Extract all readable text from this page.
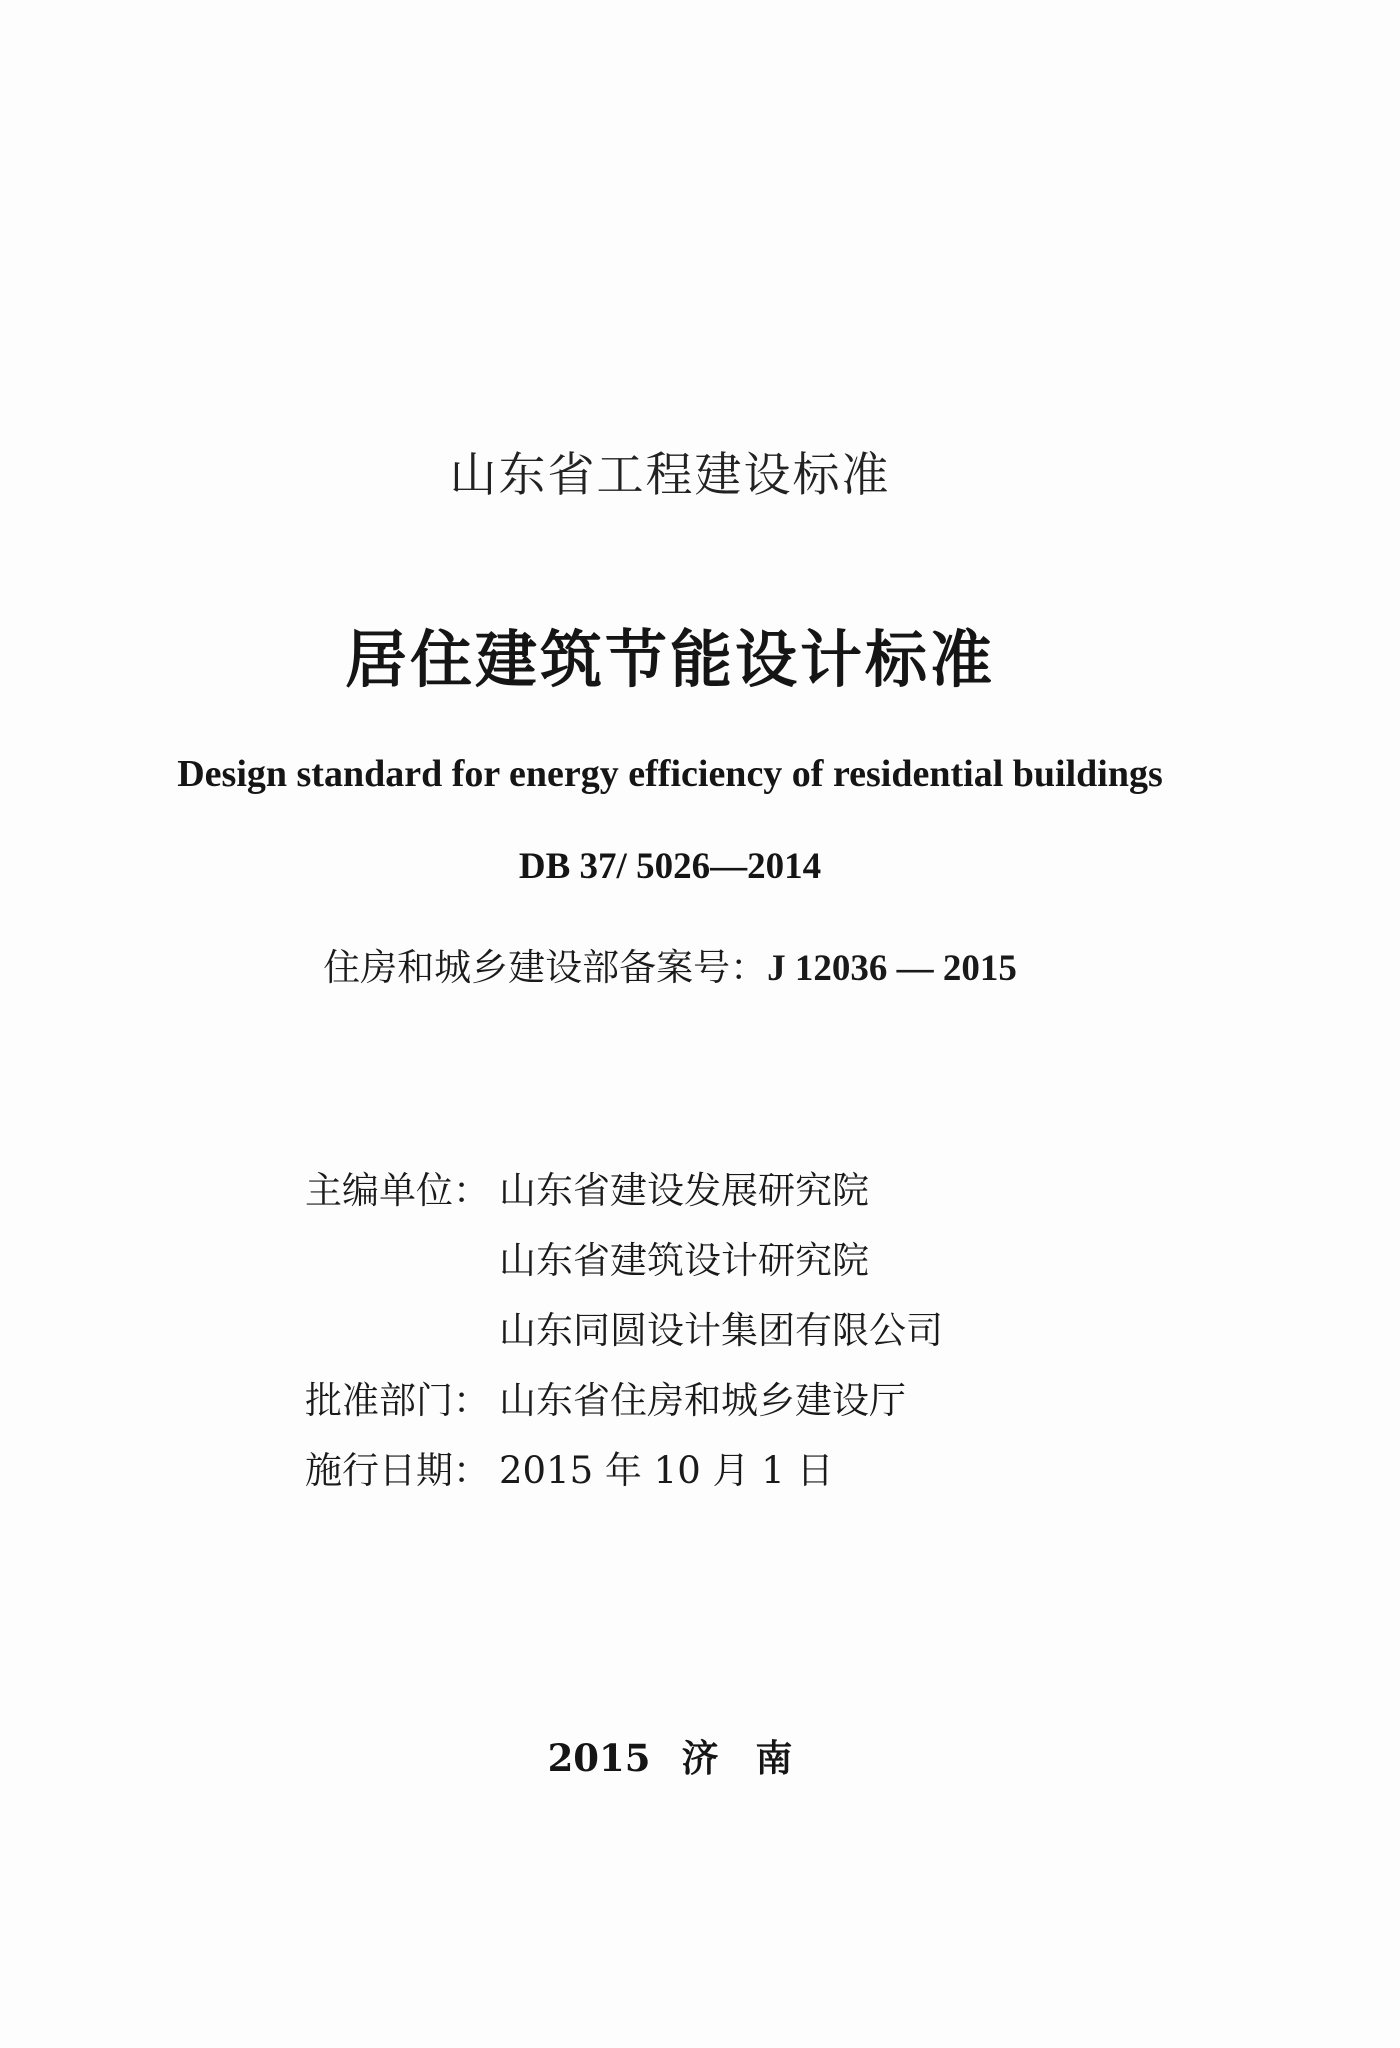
山东省工程建设标准
居住建筑节能设计标准
Design standard for energy efficiency of residential buildings
DB 37/ 5026—2014
住房和城乡建设部备案号：J 12036 — 2015
主编单位： 山东省建设发展研究院
山东省建筑设计研究院
山东同圆设计集团有限公司
批准部门： 山东省住房和城乡建设厅
施行日期： 2015 年 10 月 1 日
2015 济　南
